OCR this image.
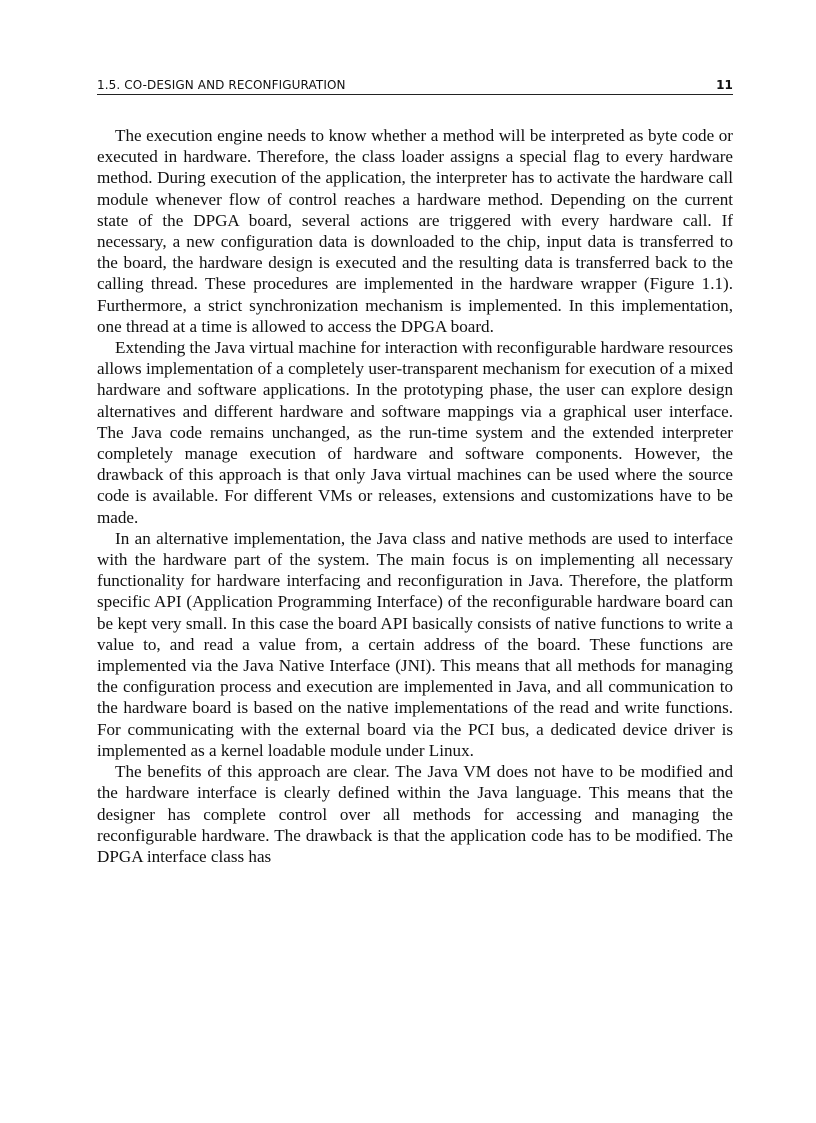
1.5. CO-DESIGN AND RECONFIGURATION	11

The execution engine needs to know whether a method will be interpreted as byte code or executed in hardware. Therefore, the class loader assigns a special flag to every hardware method. During execution of the application, the interpreter has to activate the hardware call module whenever flow of control reaches a hardware method. Depending on the current state of the DPGA board, several actions are triggered with every hardware call. If necessary, a new configuration data is downloaded to the chip, input data is transferred to the board, the hardware design is executed and the resulting data is transferred back to the calling thread. These procedures are implemented in the hardware wrapper (Figure 1.1). Furthermore, a strict synchronization mechanism is implemented. In this implementation, one thread at a time is allowed to access the DPGA board.

Extending the Java virtual machine for interaction with reconfigurable hardware resources allows implementation of a completely user-transparent mechanism for execution of a mixed hardware and software applications. In the prototyping phase, the user can explore design alternatives and different hardware and software mappings via a graphical user interface. The Java code remains unchanged, as the run-time system and the extended interpreter completely manage execution of hardware and software components. However, the drawback of this approach is that only Java virtual machines can be used where the source code is available. For different VMs or releases, extensions and customizations have to be made.

In an alternative implementation, the Java class and native methods are used to interface with the hardware part of the system. The main focus is on implementing all necessary functionality for hardware interfacing and reconfiguration in Java. Therefore, the platform specific API (Application Programming Interface) of the reconfigurable hardware board can be kept very small. In this case the board API basically consists of native functions to write a value to, and read a value from, a certain address of the board. These functions are implemented via the Java Native Interface (JNI). This means that all methods for managing the configuration process and execution are implemented in Java, and all communication to the hardware board is based on the native implementations of the read and write functions. For communicating with the external board via the PCI bus, a dedicated device driver is implemented as a kernel loadable module under Linux.

The benefits of this approach are clear. The Java VM does not have to be modified and the hardware interface is clearly defined within the Java language. This means that the designer has complete control over all methods for accessing and managing the reconfigurable hardware. The drawback is that the application code has to be modified. The DPGA interface class has
